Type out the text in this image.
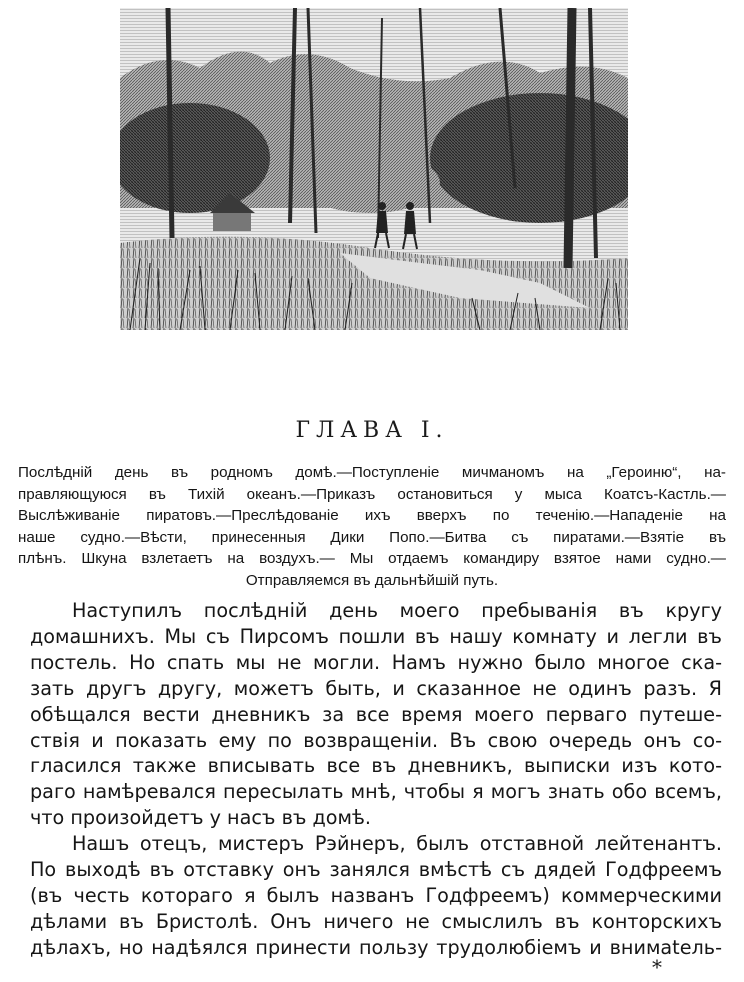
ГЛАВА I.
Послѣдній день въ родномъ домѣ.—Поступленіе мичманомъ на „Героиню“, на-
правляющуюся въ Тихій океанъ.—Приказъ остановиться у мыса Коатсъ-Кастль.—
Выслѣживаніе пиратовъ.—Преслѣдованіе ихъ вверхъ по теченію.—Нападеніе на
наше судно.—Вѣсти, принесенныя Дики Попо.—Битва съ пиратами.—Взятіе въ
плѣнъ. Шкуна взлетаетъ на воздухъ.— Мы отдаемъ командиру взятое нами судно.—
Отправляемся въ дальнѣйшій путь.
Наступилъ послѣдній день моего пребыванія въ кругу
домашнихъ. Мы съ Пирсомъ пошли въ нашу комнату и легли въ
постель. Но спать мы не могли. Намъ нужно было многое ска-
зать другъ другу, можетъ быть, и сказанное не одинъ разъ. Я
обѣщался вести дневникъ за все время моего перваго путеше-
ствія и показать ему по возвращеніи. Въ свою очередь онъ со-
гласился также вписывать все въ дневникъ, выписки изъ кото-
раго намѣревался пересылать мнѣ, чтобы я могъ знать обо всемъ,
что произойдетъ у насъ въ домѣ.
Нашъ отецъ, мистеръ Рэйнеръ, былъ отставной лейтенантъ.
По выходѣ въ отставку онъ занялся вмѣстѣ съ дядей Годфреемъ
(въ честь котораго я былъ названъ Годфреемъ) коммерческими
дѣлами въ Бристолѣ. Онъ ничего не смыслилъ въ конторскихъ
дѣлахъ, но надѣялся принести пользу трудолюбіемъ и внимatель-
*
